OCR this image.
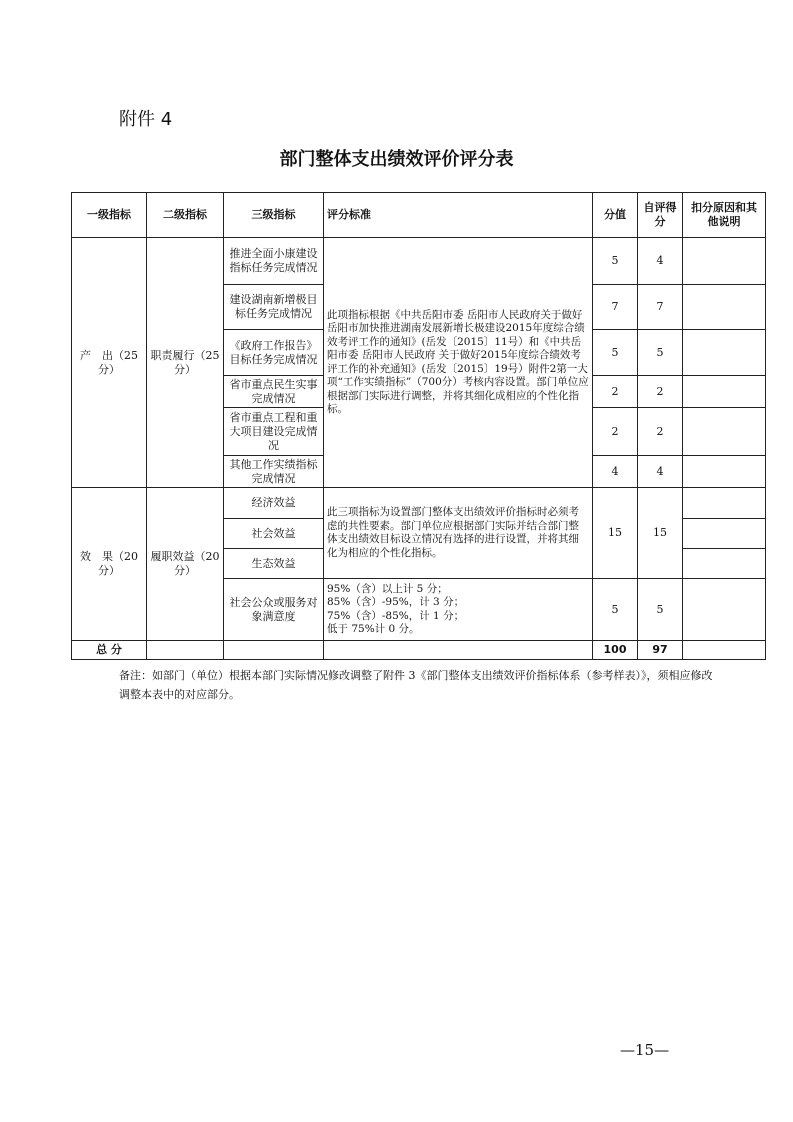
附件 4
部门整体支出绩效评价评分表
一级指标	二级指标	三级指标	评分标准	分值	自评得分	扣分原因和其他说明
产　出（25分）	职责履行（25分）	推进全面小康建设指标任务完成情况	此项指标根据《中共岳阳市委 岳阳市人民政府关于做好岳阳市加快推进湖南发展新增长极建设2015年度综合绩效考评工作的通知》(岳发〔2015〕11号）和《中共岳阳市委 岳阳市人民政府 关于做好2015年度综合绩效考评工作的补充通知》(岳发〔2015〕19号）附件2第一大项“工作实绩指标”（700分）考核内容设置。部门单位应根据部门实际进行调整，并将其细化成相应的个性化指标。	5	4	
		建设湖南新增极目标任务完成情况		7	7	
		《政府工作报告》目标任务完成情况		5	5	
		省市重点民生实事完成情况		2	2	
		省市重点工程和重大项目建设完成情况		2	2	
		其他工作实绩指标完成情况		4	4	
效　果（20分）	履职效益（20分）	经济效益	此三项指标为设置部门整体支出绩效评价指标时必须考虑的共性要素。部门单位应根据部门实际并结合部门整体支出绩效目标设立情况有选择的进行设置，并将其细化为相应的个性化指标。	15	15	
		社会效益				
		生态效益				
		社会公众或服务对象满意度	95%（含）以上计 5 分；
85%（含）-95%，计 3 分；
75%（含）-85%，计 1 分；
低于 75%计 0 分。	5	5	
总 分				100	97	
备注：如部门（单位）根据本部门实际情况修改调整了附件 3《部门整体支出绩效评价指标体系（参考样表）》，须相应修改调整本表中的对应部分。
—15—
